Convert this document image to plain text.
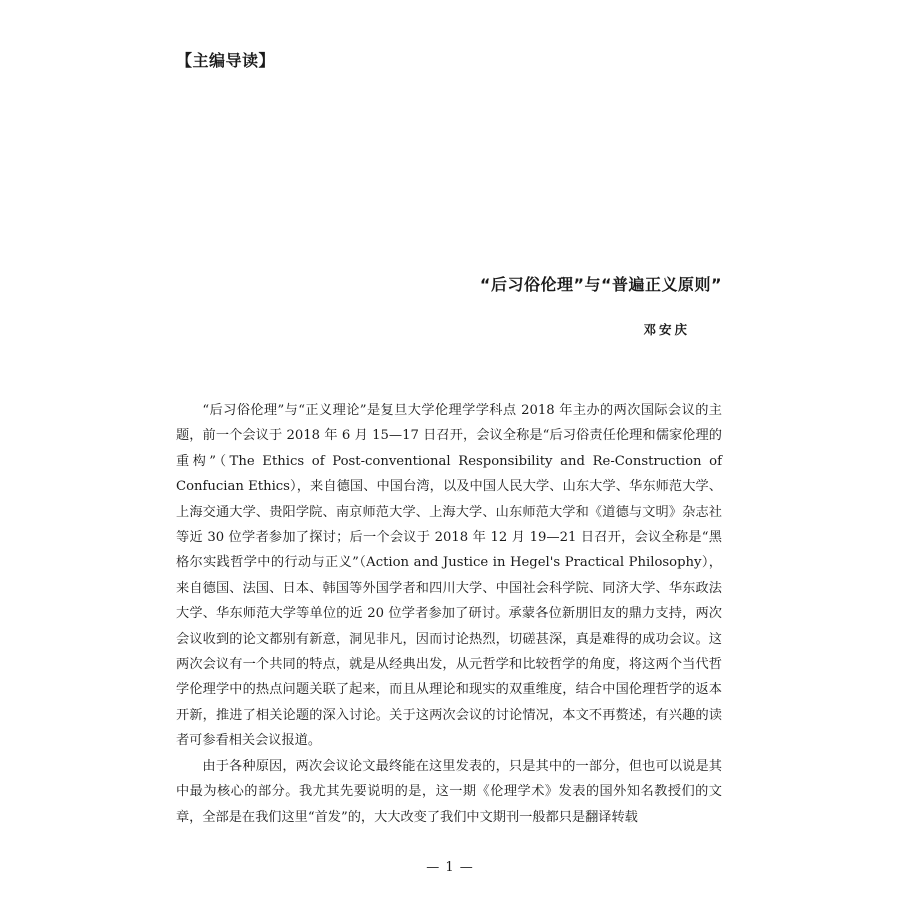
【主编导读】
“后习俗伦理”与“普遍正义原则”
邓安庆

“后习俗伦理”与“正义理论”是复旦大学伦理学学科点 2018 年主办的两次国际会议的主题，前一个会议于 2018 年 6 月 15—17 日召开，会议全称是“后习俗责任伦理和儒家伦理的重构”（The Ethics of Post-conventional Responsibility and Re-Construction of Confucian Ethics），来自德国、中国台湾，以及中国人民大学、山东大学、华东师范大学、上海交通大学、贵阳学院、南京师范大学、上海大学、山东师范大学和《道德与文明》杂志社等近 30 位学者参加了探讨；后一个会议于 2018 年 12 月 19—21 日召开，会议全称是“黑格尔实践哲学中的行动与正义”（Action and Justice in Hegel's Practical Philosophy），来自德国、法国、日本、韩国等外国学者和四川大学、中国社会科学院、同济大学、华东政法大学、华东师范大学等单位的近 20 位学者参加了研讨。承蒙各位新朋旧友的鼎力支持，两次会议收到的论文都别有新意，洞见非凡，因而讨论热烈，切磋甚深，真是难得的成功会议。这两次会议有一个共同的特点，就是从经典出发，从元哲学和比较哲学的角度，将这两个当代哲学伦理学中的热点问题关联了起来，而且从理论和现实的双重维度，结合中国伦理哲学的返本开新，推进了相关论题的深入讨论。关于这两次会议的讨论情况，本文不再赘述，有兴趣的读者可参看相关会议报道。

由于各种原因，两次会议论文最终能在这里发表的，只是其中的一部分，但也可以说是其中最为核心的部分。我尤其先要说明的是，这一期《伦理学术》发表的国外知名教授们的文章，全部是在我们这里“首发”的，大大改变了我们中文期刊一般都只是翻译转载

— 1 —
